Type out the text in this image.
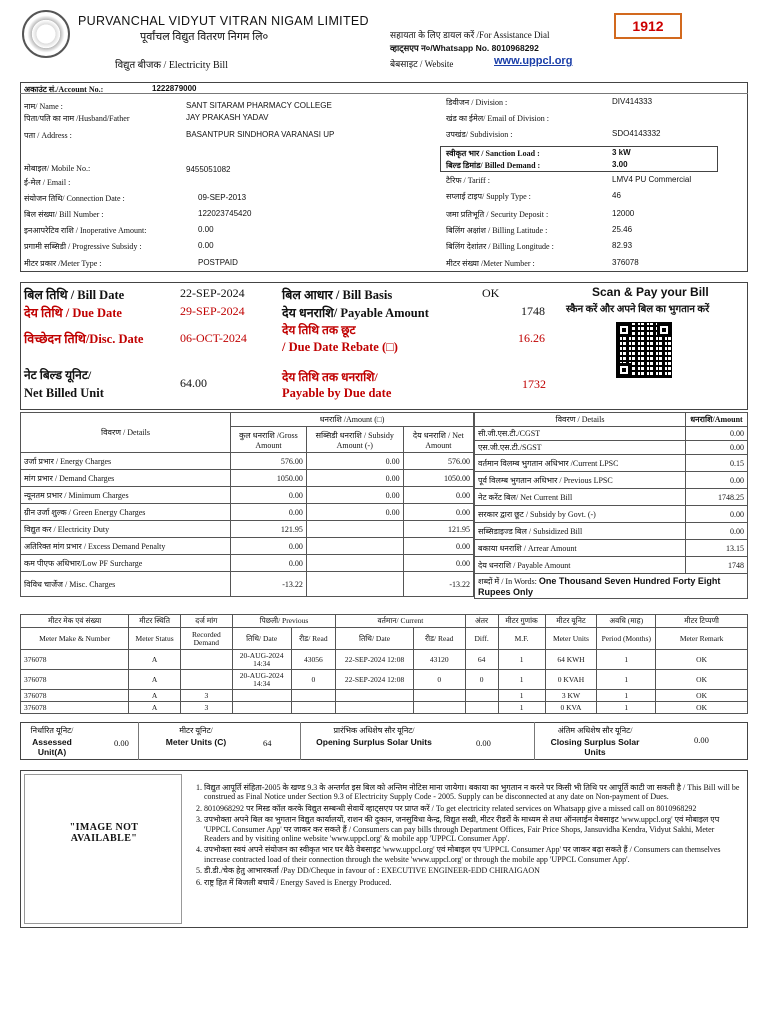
PURVANCHAL VIDYUT VITRAN NIGAM LIMITED
पूर्वांचल विद्युत वितरण निगम लि०
विद्युत बीजक / Electricity Bill
सहायता के लिए डायल करें /For Assistance Dial
व्हाट्सएप न०/Whatsapp No. 8010968292
बेबसाइट / Website	www.uppcl.org
1912
अकाउंट सं./Account No.:	1222879000
नाम/ Name :	SANT SITARAM PHARMACY COLLEGE
पिता/पति का नाम /Husband/Father	JAY PRAKASH YADAV
पता / Address :	BASANTPUR SINDHORA VARANASI UP
मोबाइल/ Mobile No.:	9455051082
ई-मेल / Email :
संयोजन तिथि/ Connection Date :	09-SEP-2013
बिल संख्या/ Bill Number :	122023745420
इनआपरेटिव राशि / Inoperative Amount:	0.00
प्रगामी सब्सिडी / Progressive Subsidy :	0.00
मीटर प्रकार /Meter Type :	POSTPAID
डिवीजन / Division :	DIV414333
खंड का ईमेल/ Email of Division :
उपखंड/ Subdivision :	SDO4143332
स्वीकृत भार / Sanction Load :	3 kW
बिल्ड डिमांड/ Billed Demand :	3.00
टैरिफ / Tariff :	LMV4 PU Commercial
सप्लाई टाइप/ Supply Type :	46
जमा प्रतिभूति / Security Deposit :	12000
बिलिंग अक्षांश / Billing Latitude :	25.46
बिलिंग देशांतर / Billing Longitude :	82.93
मीटर संख्या /Meter Number :	376078
बिल तिथि / Bill Date	22-SEP-2024
देय तिथि / Due Date	29-SEP-2024
विच्छेदन तिथि/Disc. Date	06-OCT-2024
नेट बिल्ड यूनिट/
Net Billed Unit
64.00
बिल आधार / Bill Basis	OK
देय धनराशि/ Payable Amount	1748
देय तिथि तक छूट
/ Due Date Rebate (□)
16.26
देय तिथि तक धनराशि/
Payable by Due date
1732
Scan & Pay your Bill
स्कैन करें और अपने बिल का भुगतान करें
विवरण / Details	धनराशि /Amount (□)		
	कुल धनराशि /Gross Amount	सब्सिडी धनराशि / Subsidy Amount (-)	देय धनराशि / Net Amount
उर्जा प्रभार / Energy Charges	576.00	0.00	576.00
मांग प्रभार / Demand Charges	1050.00	0.00	1050.00
न्यूनतम प्रभार / Minimum Charges	0.00	0.00	0.00
ग्रीन उर्जा शुल्क / Green Energy Charges	0.00	0.00	0.00
विद्युत कर / Electricity Duty	121.95		121.95
अतिरिक्त मांग प्रभार / Excess Demand Penalty	0.00		0.00
कम पीएफ अधिभार/Low PF Surcharge	0.00		0.00
विविध चार्जेज / Misc. Charges	-13.22		-13.22
विवरण / Details	धनराशि/Amount
सी.जी.एस.टी./CGST	0.00
एस.जी.एस.टी./SGST	0.00
वर्तमान विलम्ब भुगतान अधिभार /Current LPSC	0.15
पूर्व विलम्ब भुगतान अधिभार / Previous LPSC	0.00
नेट करेंट बिल/ Net Current Bill	1748.25
सरकार द्वारा छूट / Subsidy by Govt. (-)	0.00
सब्सिडाइज्ड बिल / Subsidized Bill	0.00
बकाया धनराशि / Arrear Amount	13.15
देय धनराशि / Payable Amount	1748
शब्दों में / In Words: One Thousand Seven Hundred Forty Eight Rupees Only	
मीटर मेक एवं संख्या	मीटर स्थिति	दर्ज मांग	पिछली/ Previous		वर्तमान/ Current		अंतर	मीटर गुणांक	मीटर यूनिट	अवधि (माह)	मीटर टिप्पणी
Meter Make & Number	Meter Status	Recorded Demand	तिथि/ Date	रीड/ Read	तिथि/ Date	रीड/ Read	Diff.	M.F.	Meter Units	Period (Months)	Meter Remark
376078	A		20-AUG-2024 14:34	43056	22-SEP-2024 12:08	43120	64	1	64 KWH	1	OK
376078	A		20-AUG-2024 14:34	0	22-SEP-2024 12:08	0	0	1	0 KVAH	1	OK
376078	A	3						1	3 KW	1	OK
376078	A	3						1	0 KVA	1	OK
निर्धारित यूनिट/
Assessed Unit(A)
0.00
मीटर यूनिट/
Meter Units (C)	64
प्रारंभिक अधिशेष सौर यूनिट/
Opening Surplus Solar Units	0.00
अंतिम अधिशेष सौर यूनिट/
Closing Surplus Solar Units
0.00
"IMAGE NOT AVAILABLE"
1. विद्युत आपूर्ति संहिता-2005 के खण्ड 9.3 के अन्तर्गत इस बिल को अन्तिम नोटिस माना जायेगा। बकाया का भुगतान न करने पर किसी भी तिथि पर आपूर्ति काटी जा सकती है / This Bill will be construed as Final Notice under Section 9.3 of Electricity Supply Code - 2005. Supply can be disconnected at any date on Non-payment of Dues.
2. 8010968292 पर मिस्ड कॉल करके विद्युत सम्बन्धी सेवायें व्हाट्सएप पर प्राप्त करें / To get electricity related services on Whatsapp give a missed call on 8010968292
3. उपभोक्ता अपने बिल का भुगतान विद्युत कार्यालयों, राशन की दुकान, जनसुविधा केन्द्र, विद्युत सखी, मीटर रीडरों के माध्यम से तथा ऑनलाईन वेबसाइट 'www.uppcl.org' एवं मोबाइल एप 'UPPCL Consumer App' पर जाकर कर सकते हैं / Consumers can pay bills through Department Offices, Fair Price Shops, Jansuvidha Kendra, Vidyut Sakhi, Meter Readers and by visiting online website 'www.uppcl.org' & mobile app 'UPPCL Consumer App'.
4. उपभोक्ता स्वयं अपने संयोजन का स्वीकृत भार घर बैठे वेबसाइट 'www.uppcl.org' एवं मोबाइल एप 'UPPCL Consumer App' पर जाकर बढ़ा सकते हैं / Consumers can themselves increase contracted load of their connection through the website 'www.uppcl.org' or through the mobile app 'UPPCL Consumer App'.
5. डी.डी./चेक हेतु आभारकर्ता /Pay DD/Cheque in favour of : EXECUTIVE ENGINEER-EDD CHIRAIGAON
6. राष्ट्र हित में बिजली बचायें / Energy Saved is Energy Produced.
